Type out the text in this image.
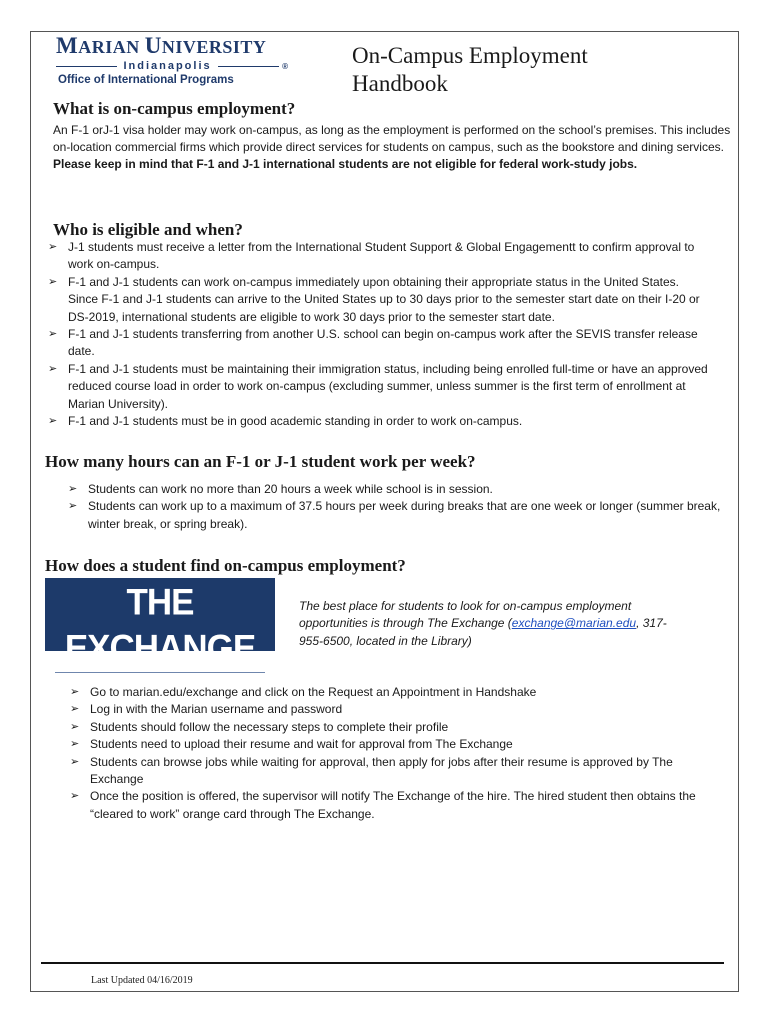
MARIAN UNIVERSITY
Indianapolis	®
Office of International Programs
On-Campus Employment
Handbook
What is on-campus employment?
An F-1 orJ-1 visa holder may work on-campus, as long as the employment is performed on the school’s premises. This includes on-location commercial firms which provide direct services for students on campus, such as the bookstore and dining services. Please keep in mind that F-1 and J-1 international students are not eligible for federal work-study jobs.
Who is eligible and when?
➢ J-1 students must receive a letter from the International Student Support & Global Engagementt to confirm approval to work on-campus.
➢ F-1 and J-1 students can work on-campus immediately upon obtaining their appropriate status in the United States. Since F-1 and J-1 students can arrive to the United States up to 30 days prior to the semester start date on their I-20 or DS-2019, international students are eligible to work 30 days prior to the semester start date.
➢ F-1 and J-1 students transferring from another U.S. school can begin on-campus work after the SEVIS transfer release date.
➢ F-1 and J-1 students must be maintaining their immigration status, including being enrolled full-time or have an approved reduced course load in order to work on-campus (excluding summer, unless summer is the first term of enrollment at Marian University).
➢ F-1 and J-1 students must be in good academic standing in order to work on-campus.
How many hours can an F-1 or J-1 student work per week?
➢ Students can work no more than 20 hours a week while school is in session.
➢ Students can work up to a maximum of 37.5 hours per week during breaks that are one week or longer (summer break, winter break, or spring break).
How does a student find on-campus employment?
THE EXCHANGE
EXPERIENCE THAT MATTERS
The best place for students to look for on-campus employment opportunities is through The Exchange (exchange@marian.edu, 317-955-6500, located in the Library)
➢ Go to marian.edu/exchange and click on the Request an Appointment in Handshake
➢ Log in with the Marian username and password
➢ Students should follow the necessary steps to complete their profile
➢ Students need to upload their resume and wait for approval from The Exchange
➢ Students can browse jobs while waiting for approval, then apply for jobs after their resume is approved by The Exchange
➢ Once the position is offered, the supervisor will notify The Exchange of the hire. The hired student then obtains the “cleared to work” orange card through The Exchange.
Last Updated 04/16/2019
